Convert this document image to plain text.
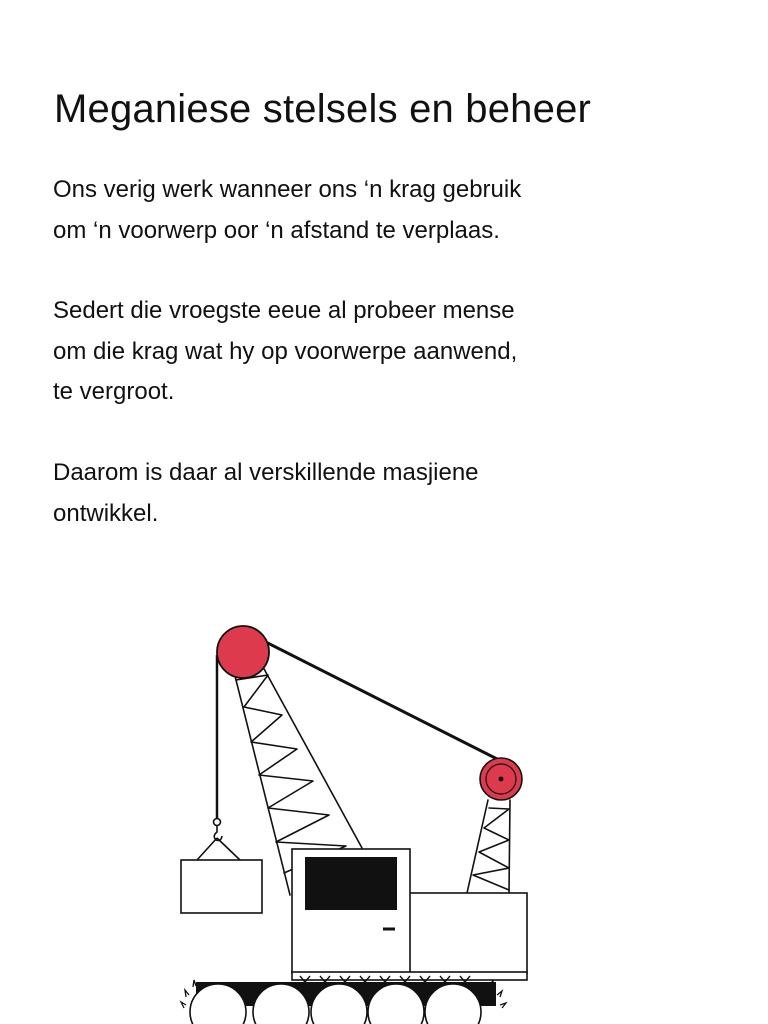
Meganiese stelsels en beheer

Ons verig werk wanneer ons ‘n krag gebruik
om ‘n voorwerp oor ‘n afstand te verplaas.

Sedert die vroegste eeue al probeer mense
om die krag wat hy op voorwerpe aanwend,
te vergroot.

Daarom is daar al verskillende masjiene
ontwikkel.
